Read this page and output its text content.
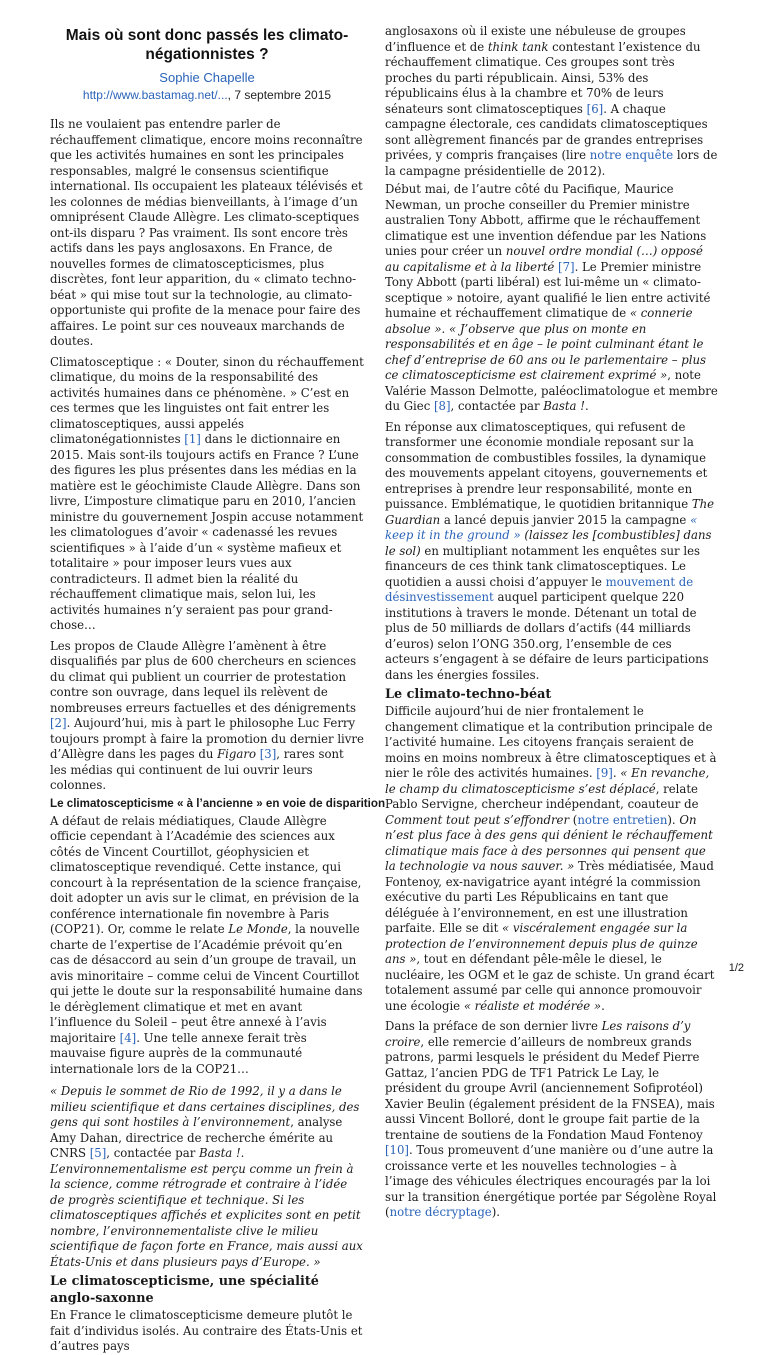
Mais où sont donc passés les climato-
négationnistes ?
Sophie Chapelle
http://www.bastamag.net/..., 7 septembre 2015

Ils ne voulaient pas entendre parler de réchauffement climatique, encore moins reconnaître que les activités humaines en sont les principales responsables, malgré le consensus scientifique international. Ils occupaient les plateaux télévisés et les colonnes de médias bienveillants, à l’image d’un omniprésent Claude Allègre. Les climato-sceptiques ont-ils disparu ? Pas vraiment. Ils sont encore très actifs dans les pays anglosaxons. En France, de nouvelles formes de climatoscepticismes, plus discrètes, font leur apparition, du « climato techno-béat » qui mise tout sur la technologie, au climato-opportuniste qui profite de la menace pour faire des affaires. Le point sur ces nouveaux marchands de doutes.

Climatosceptique : « Douter, sinon du réchauffement climatique, du moins de la responsabilité des activités humaines dans ce phénomène. » C’est en ces termes que les linguistes ont fait entrer les climatosceptiques, aussi appelés climatonégationnistes [1] dans le dictionnaire en 2015. Mais sont-ils toujours actifs en France ? L’une des figures les plus présentes dans les médias en la matière est le géochimiste Claude Allègre. Dans son livre, L’imposture climatique paru en 2010, l’ancien ministre du gouvernement Jospin accuse notamment les climatologues d’avoir « cadenassé les revues scientifiques » à l’aide d’un « système mafieux et totalitaire » pour imposer leurs vues aux contradicteurs. Il admet bien la réalité du réchauffement climatique mais, selon lui, les activités humaines n’y seraient pas pour grand-chose…

Les propos de Claude Allègre l’amènent à être disqualifiés par plus de 600 chercheurs en sciences du climat qui publient un courrier de protestation contre son ouvrage, dans lequel ils relèvent de nombreuses erreurs factuelles et des dénigrements [2]. Aujourd’hui, mis à part le philosophe Luc Ferry toujours prompt à faire la promotion du dernier livre d’Allègre dans les pages du Figaro [3], rares sont les médias qui continuent de lui ouvrir leurs colonnes.

Le climatoscepticisme « à l’ancienne » en voie de disparition

A défaut de relais médiatiques, Claude Allègre officie cependant à l’Académie des sciences aux côtés de Vincent Courtillot, géophysicien et climatosceptique revendiqué. Cette instance, qui concourt à la représentation de la science française, doit adopter un avis sur le climat, en prévision de la conférence internationale fin novembre à Paris (COP21). Or, comme le relate Le Monde, la nouvelle charte de l’expertise de l’Académie prévoit qu’en cas de désaccord au sein d’un groupe de travail, un avis minoritaire – comme celui de Vincent Courtillot qui jette le doute sur la responsabilité humaine dans le dérèglement climatique et met en avant l’influence du Soleil – peut être annexé à l’avis majoritaire [4]. Une telle annexe ferait très mauvaise figure auprès de la communauté internationale lors de la COP21…

« Depuis le sommet de Rio de 1992, il y a dans le milieu scientifique et dans certaines disciplines, des gens qui sont hostiles à l’environnement, analyse Amy Dahan, directrice de recherche émérite au CNRS [5], contactée par Basta !. L’environnementalisme est perçu comme un frein à la science, comme rétrograde et contraire à l’idée de progrès scientifique et technique. Si les climatosceptiques affichés et explicites sont en petit nombre, l’environnementaliste clive le milieu scientifique de façon forte en France, mais aussi aux États-Unis et dans plusieurs pays d’Europe. »

Le climatoscepticisme, une spécialité anglo-saxonne

En France le climatoscepticisme demeure plutôt le fait d’individus isolés. Au contraire des États-Unis et d’autres pays

anglosaxons où il existe une nébuleuse de groupes d’influence et de think tank contestant l’existence du réchauffement climatique. Ces groupes sont très proches du parti républicain. Ainsi, 53% des républicains élus à la chambre et 70% de leurs sénateurs sont climatosceptiques [6]. A chaque campagne électorale, ces candidats climatosceptiques sont allègrement financés par de grandes entreprises privées, y compris françaises (lire notre enquête lors de la campagne présidentielle de 2012).

Début mai, de l’autre côté du Pacifique, Maurice Newman, un proche conseiller du Premier ministre australien Tony Abbott, affirme que le réchauffement climatique est une invention défendue par les Nations unies pour créer un nouvel ordre mondial (…) opposé au capitalisme et à la liberté [7]. Le Premier ministre Tony Abbott (parti libéral) est lui-même un « climato-sceptique » notoire, ayant qualifié le lien entre activité humaine et réchauffement climatique de « connerie absolue ». « J’observe que plus on monte en responsabilités et en âge – le point culminant étant le chef d’entreprise de 60 ans ou le parlementaire – plus ce climatoscepticisme est clairement exprimé », note Valérie Masson Delmotte, paléoclimatologue et membre du Giec [8], contactée par Basta !.

En réponse aux climatosceptiques, qui refusent de transformer une économie mondiale reposant sur la consommation de combustibles fossiles, la dynamique des mouvements appelant citoyens, gouvernements et entreprises à prendre leur responsabilité, monte en puissance. Emblématique, le quotidien britannique The Guardian a lancé depuis janvier 2015 la campagne « keep it in the ground » (laissez les [combustibles] dans le sol) en multipliant notamment les enquêtes sur les financeurs de ces think tank climatosceptiques. Le quotidien a aussi choisi d’appuyer le mouvement de désinvestissement auquel participent quelque 220 institutions à travers le monde. Détenant un total de plus de 50 milliards de dollars d’actifs (44 milliards d’euros) selon l’ONG 350.org, l’ensemble de ces acteurs s’engagent à se défaire de leurs participations dans les énergies fossiles.

Le climato-techno-béat

Difficile aujourd’hui de nier frontalement le changement climatique et la contribution principale de l’activité humaine. Les citoyens français seraient de moins en moins nombreux à être climatosceptiques et à nier le rôle des activités humaines. [9]. « En revanche, le champ du climatoscepticisme s’est déplacé, relate Pablo Servigne, chercheur indépendant, coauteur de Comment tout peut s’effondrer (notre entretien). On n’est plus face à des gens qui dénient le réchauffement climatique mais face à des personnes qui pensent que la technologie va nous sauver. » Très médiatisée, Maud Fontenoy, ex-navigatrice ayant intégré la commission exécutive du parti Les Républicains en tant que déléguée à l’environnement, en est une illustration parfaite. Elle se dit « viscéralement engagée sur la protection de l’environnement depuis plus de quinze ans », tout en défendant pêle-mêle le diesel, le nucléaire, les OGM et le gaz de schiste. Un grand écart totalement assumé par celle qui annonce promouvoir une écologie « réaliste et modérée ».

Dans la préface de son dernier livre Les raisons d’y croire, elle remercie d’ailleurs de nombreux grands patrons, parmi lesquels le président du Medef Pierre Gattaz, l’ancien PDG de TF1 Patrick Le Lay, le président du groupe Avril (anciennement Sofiprotéol) Xavier Beulin (également président de la FNSEA), mais aussi Vincent Bolloré, dont le groupe fait partie de la trentaine de soutiens de la Fondation Maud Fontenoy [10]. Tous promeuvent d’une manière ou d’une autre la croissance verte et les nouvelles technologies – à l’image des véhicules électriques encouragés par la loi sur la transition énergétique portée par Ségolène Royal (notre décryptage).

1/2
